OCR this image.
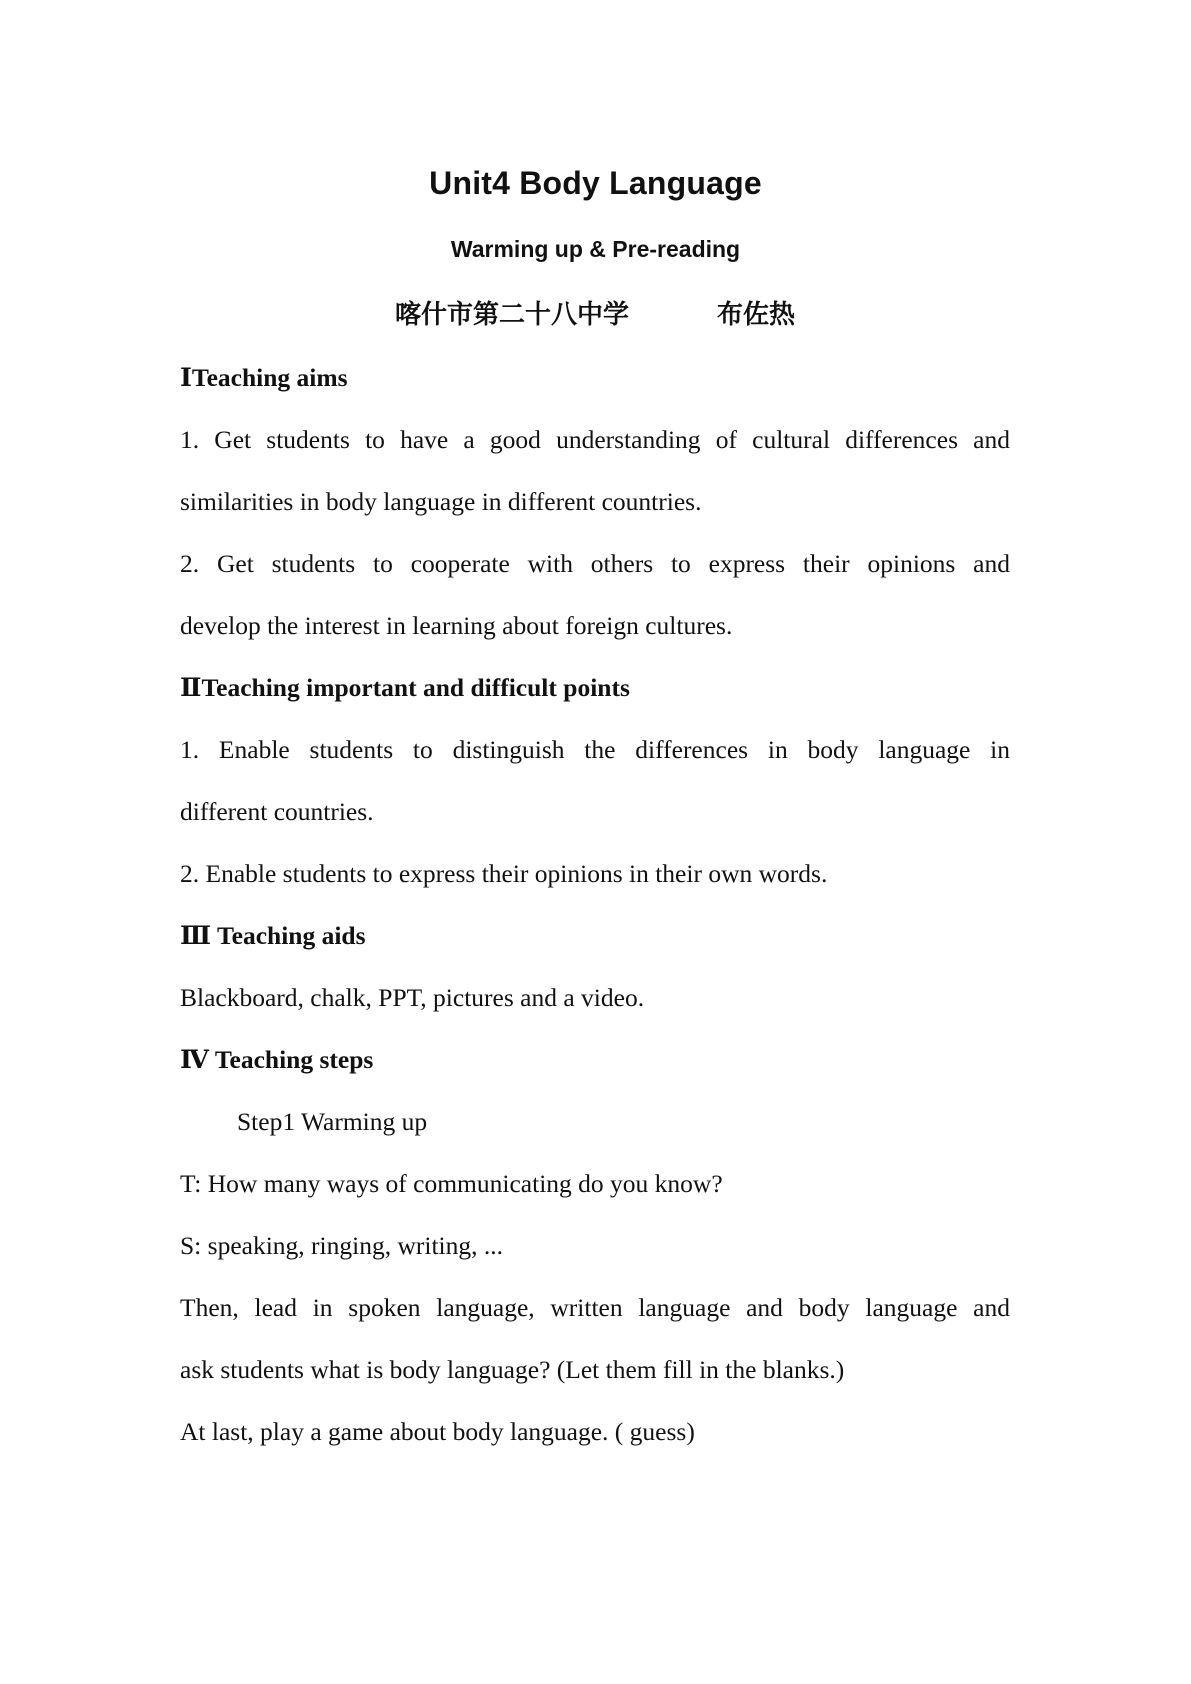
Unit4 Body Language
Warming up & Pre-reading
喀什市第二十八中学	布佐热
ⅠTeaching aims
1. Get students to have a good understanding of cultural differences and
similarities in body language in different countries.
2. Get students to cooperate with others to express their opinions and
develop the interest in learning about foreign cultures.
ⅡTeaching important and difficult points
1. Enable students to distinguish the differences in body language in
different countries.
2. Enable students to express their opinions in their own words.
Ⅲ Teaching aids
Blackboard, chalk, PPT, pictures and a video.
Ⅳ Teaching steps
Step1 Warming up
T: How many ways of communicating do you know?
S: speaking, ringing, writing, ...
Then, lead in spoken language, written language and body language and
ask students what is body language? (Let them fill in the blanks.)
At last, play a game about body language. ( guess)
